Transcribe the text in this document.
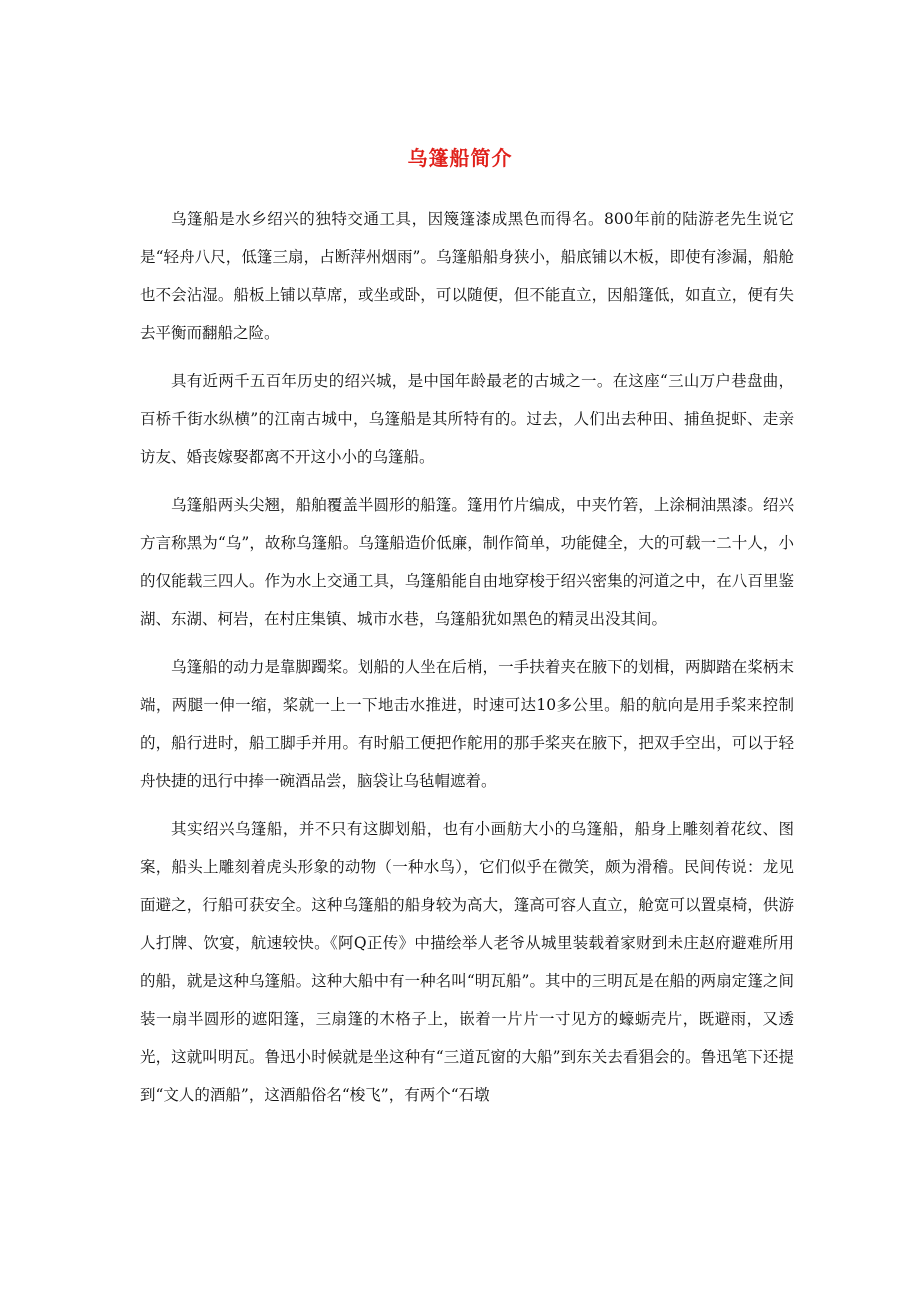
乌篷船简介

乌篷船是水乡绍兴的独特交通工具，因篾篷漆成黑色而得名。800年前的陆游老先生说它是“轻舟八尺，低篷三扇，占断萍州烟雨”。乌篷船船身狭小，船底铺以木板，即使有渗漏，船舱也不会沾湿。船板上铺以草席，或坐或卧，可以随便，但不能直立，因船篷低，如直立，便有失去平衡而翻船之险。

具有近两千五百年历史的绍兴城，是中国年龄最老的古城之一。在这座“三山万户巷盘曲，百桥千街水纵横”的江南古城中，乌篷船是其所特有的。过去，人们出去种田、捕鱼捉虾、走亲访友、婚丧嫁娶都离不开这小小的乌篷船。

乌篷船两头尖翘，船舶覆盖半圆形的船篷。篷用竹片编成，中夹竹箬，上涂桐油黑漆。绍兴方言称黑为“乌”，故称乌篷船。乌篷船造价低廉，制作简单，功能健全，大的可载一二十人，小的仅能载三四人。作为水上交通工具，乌篷船能自由地穿梭于绍兴密集的河道之中，在八百里鉴湖、东湖、柯岩，在村庄集镇、城市水巷，乌篷船犹如黑色的精灵出没其间。

乌篷船的动力是靠脚躅桨。划船的人坐在后梢，一手扶着夹在腋下的划楫，两脚踏在桨柄末端，两腿一伸一缩，桨就一上一下地击水推进，时速可达10多公里。船的航向是用手桨来控制的，船行进时，船工脚手并用。有时船工便把作舵用的那手桨夹在腋下，把双手空出，可以于轻舟快捷的迅行中捧一碗酒品尝，脑袋让乌毡帽遮着。

其实绍兴乌篷船，并不只有这脚划船，也有小画舫大小的乌篷船，船身上雕刻着花纹、图案，船头上雕刻着虎头形象的动物（一种水鸟），它们似乎在微笑，颇为滑稽。民间传说：龙见面避之，行船可获安全。这种乌篷船的船身较为高大，篷高可容人直立，舱宽可以置桌椅，供游人打牌、饮宴，航速较快。《阿Q正传》中描绘举人老爷从城里装载着家财到未庄赵府避难所用的船，就是这种乌篷船。这种大船中有一种名叫“明瓦船”。其中的三明瓦是在船的两扇定篷之间装一扇半圆形的遮阳篷，三扇篷的木格子上，嵌着一片片一寸见方的蠔蛎壳片，既避雨，又透光，这就叫明瓦。鲁迅小时候就是坐这种有“三道瓦窗的大船”到东关去看猖会的。鲁迅笔下还提到“文人的酒船”，这酒船俗名“梭飞”，有两个“石墩
